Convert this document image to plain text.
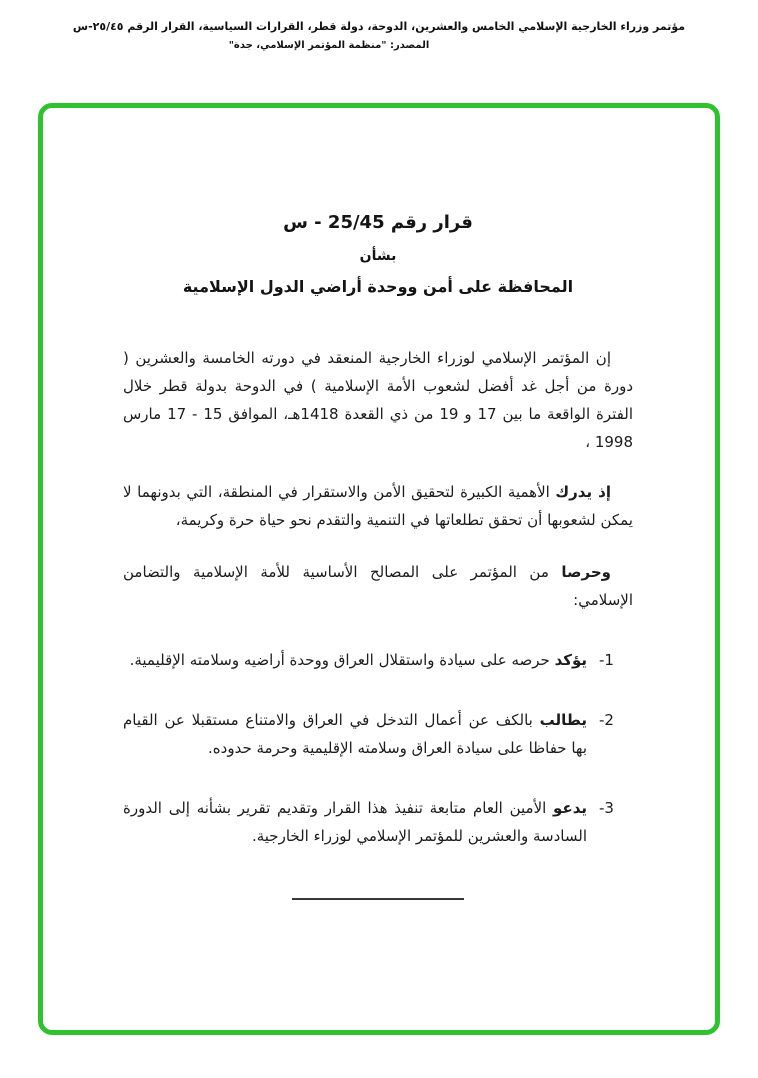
مؤتمر وزراء الخارجية الإسلامي الخامس والعشرين، الدوحة، دولة قطر، القرارات السياسية، القرار الرقم ٢٥/٤٥-س
المصدر: "منظمة المؤتمر الإسلامي، جدة"
قرار رقم 25/45 - س
بشأن
المحافظة على أمن ووحدة أراضي الدول الإسلامية

إن المؤتمر الإسلامي لوزراء الخارجية المنعقد في دورته الخامسة والعشرين ( دورة من أجل غد أفضل لشعوب الأمة الإسلامية ) في الدوحة بدولة قطر خلال الفترة الواقعة ما بين 17 و 19 من ذي القعدة 1418هـ، الموافق 15 - 17 مارس 1998 ،

إذ يدرك الأهمية الكبيرة لتحقيق الأمن والاستقرار في المنطقة، التي بدونهما لا يمكن لشعوبها أن تحقق تطلعاتها في التنمية والتقدم نحو حياة حرة وكريمة،

وحرصا من المؤتمر على المصالح الأساسية للأمة الإسلامية والتضامن الإسلامي:

-1

يؤكد حرصه على سيادة واستقلال العراق ووحدة أراضيه وسلامته الإقليمية.

-2

يطالب بالكف عن أعمال التدخل في العراق والامتناع مستقبلا عن القيام بها حفاظا على سيادة العراق وسلامته الإقليمية وحرمة حدوده.

-3

يدعو الأمين العام متابعة تنفيذ هذا القرار وتقديم تقرير بشأنه إلى الدورة السادسة والعشرين للمؤتمر الإسلامي لوزراء الخارجية.
